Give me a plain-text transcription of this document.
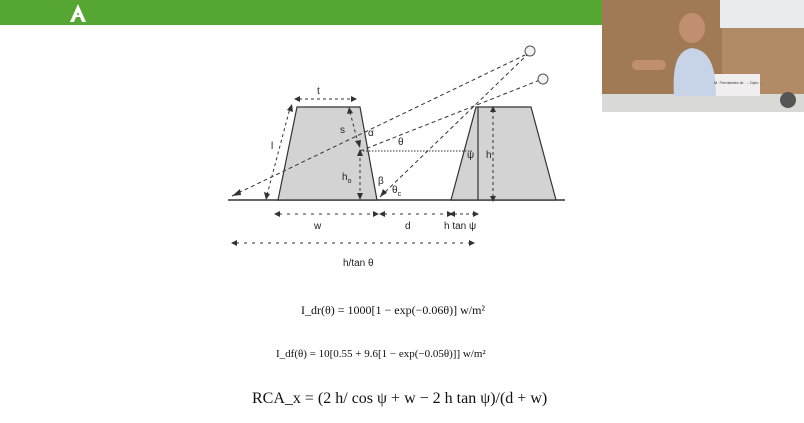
t
s
l
α
θ
$h_o$	β
$\theta_c$
ψ h
w	d	h tan ψ
h/tan θ
I_dr(θ) = 1000[1 − exp(−0.06θ)] w/m²
I_df(θ) = 10[0.55 + 9.6[1 − exp(−0.05θ)]] w/m²
RCA_x = (2 h/ cos ψ + w − 2 h tan ψ)/(d + w)
M. Fernández Ar. ... Dpto ...
